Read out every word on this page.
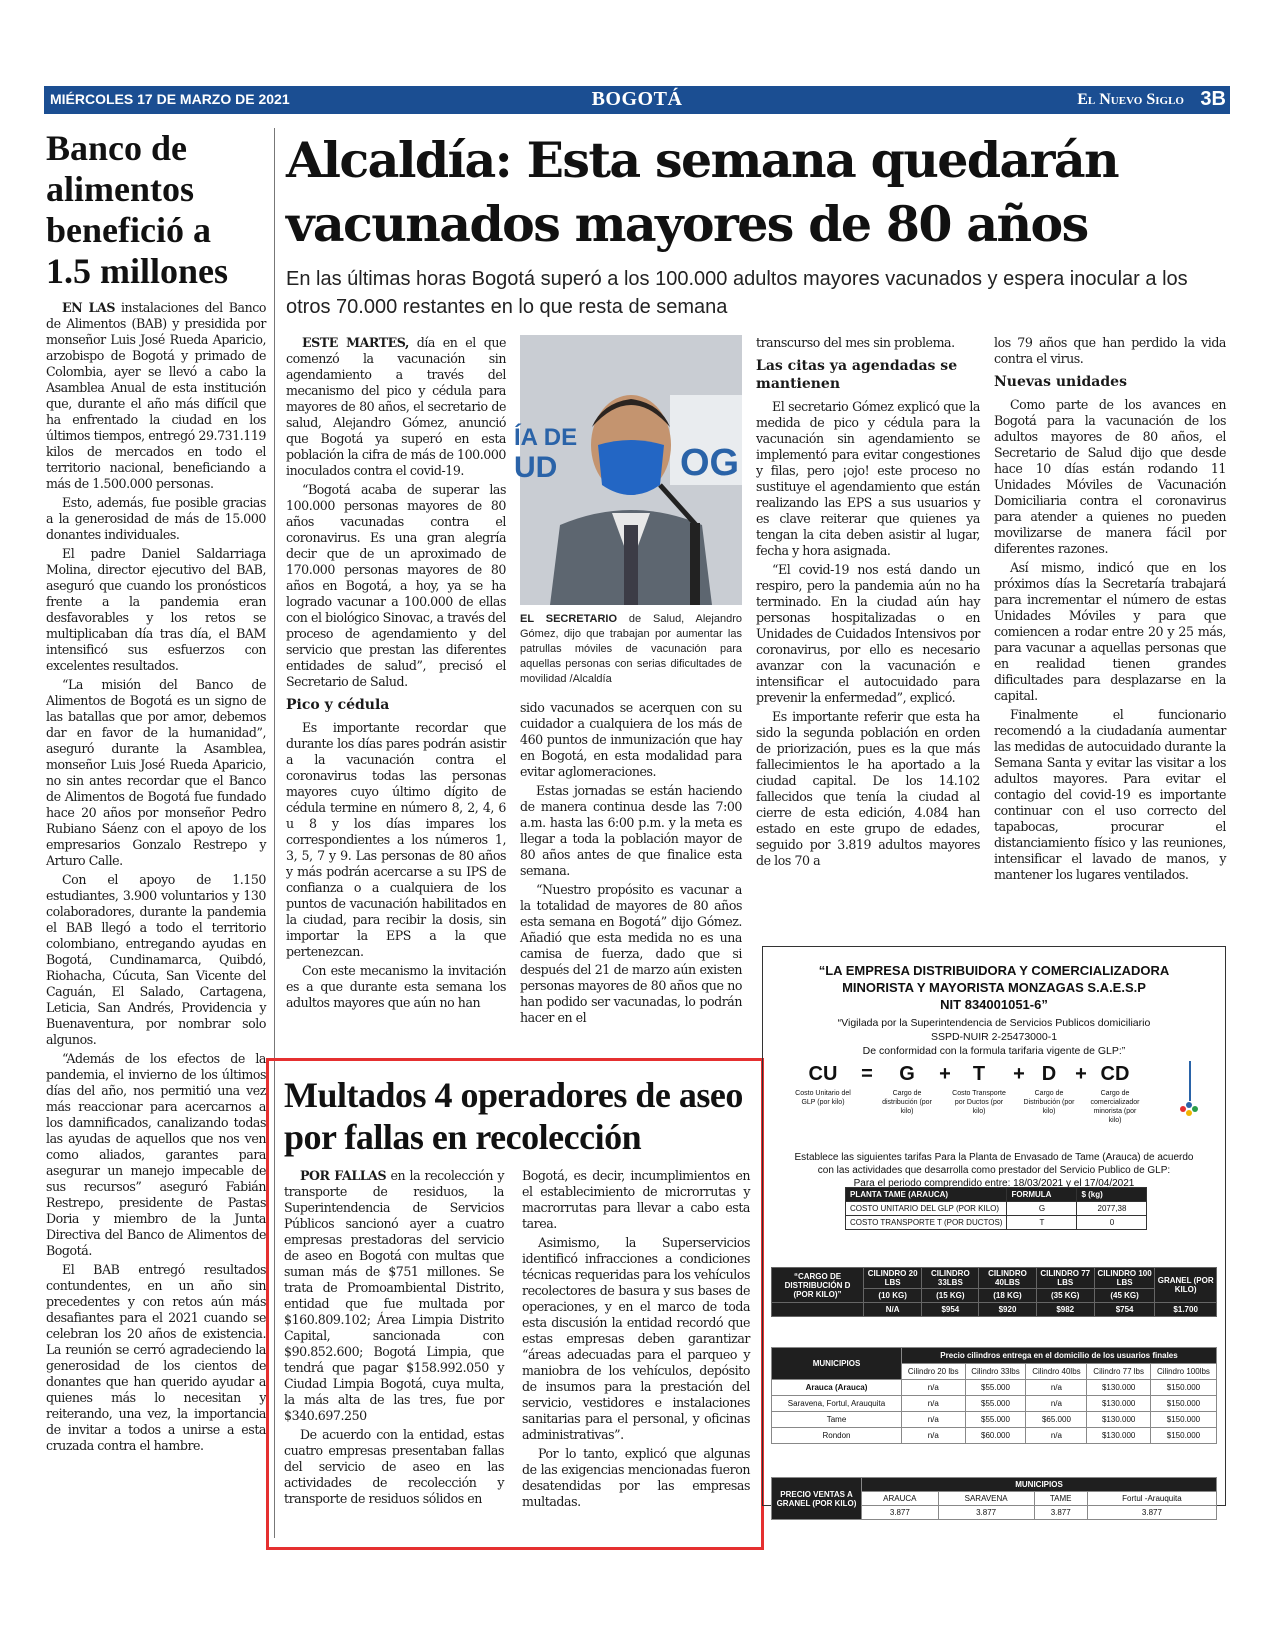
MIÉRCOLES 17 DE MARZO DE 2021	BOGOTÁ	El Nuevo Siglo 3B
Banco de alimentos benefició a 1.5 millones

EN LAS instalaciones del Banco de Alimentos (BAB) y presidida por monseñor Luis José Rueda Aparicio, arzobispo de Bogotá y primado de Colombia, ayer se llevó a cabo la Asamblea Anual de esta institución que, durante el año más difícil que ha enfrentado la ciudad en los últimos tiempos, entregó 29.731.119 kilos de mercados en todo el territorio nacional, beneficiando a más de 1.500.000 personas.

Esto, además, fue posible gracias a la generosidad de más de 15.000 donantes individuales.

El padre Daniel Saldarriaga Molina, director ejecutivo del BAB, aseguró que cuando los pronósticos frente a la pandemia eran desfavorables y los retos se multiplicaban día tras día, el BAM intensificó sus esfuerzos con excelentes resultados.

“La misión del Banco de Alimentos de Bogotá es un signo de las batallas que por amor, debemos dar en favor de la humanidad”, aseguró durante la Asamblea, monseñor Luis José Rueda Aparicio, no sin antes recordar que el Banco de Alimentos de Bogotá fue fundado hace 20 años por monseñor Pedro Rubiano Sáenz con el apoyo de los empresarios Gonzalo Restrepo y Arturo Calle.

Con el apoyo de 1.150 estudiantes, 3.900 voluntarios y 130 colaboradores, durante la pandemia el BAB llegó a todo el territorio colombiano, entregando ayudas en Bogotá, Cundinamarca, Quibdó, Riohacha, Cúcuta, San Vicente del Caguán, El Salado, Cartagena, Leticia, San Andrés, Providencia y Buenaventura, por nombrar solo algunos.

“Además de los efectos de la pandemia, el invierno de los últimos días del año, nos permitió una vez más reaccionar para acercarnos a los damnificados, canalizando todas las ayudas de aquellos que nos ven como aliados, garantes para asegurar un manejo impecable de sus recursos” aseguró Fabián Restrepo, presidente de Pastas Doria y miembro de la Junta Directiva del Banco de Alimentos de Bogotá.

El BAB entregó resultados contundentes, en un año sin precedentes y con retos aún más desafiantes para el 2021 cuando se celebran los 20 años de existencia. La reunión se cerró agradeciendo la generosidad de los cientos de donantes que han querido ayudar a quienes más lo necesitan y reiterando, una vez, la importancia de invitar a todos a unirse a esta cruzada contra el hambre.

Alcaldía: Esta semana quedarán vacunados mayores de 80 años
En las últimas horas Bogotá superó a los 100.000 adultos mayores vacunados y espera inocular a los otros 70.000 restantes en lo que resta de semana

ESTE MARTES, día en el que comenzó la vacunación sin agendamiento a través del mecanismo del pico y cédula para mayores de 80 años, el secretario de salud, Alejandro Gómez, anunció que Bogotá ya superó en esta población la cifra de más de 100.000 inoculados contra el covid-19.

“Bogotá acaba de superar las 100.000 personas mayores de 80 años vacunadas contra el coronavirus. Es una gran alegría decir que de un aproximado de 170.000 personas mayores de 80 años en Bogotá, a hoy, ya se ha logrado vacunar a 100.000 de ellas con el biológico Sinovac, a través del proceso de agendamiento y del servicio que prestan las diferentes entidades de salud”, precisó el Secretario de Salud.

Pico y cédula

Es importante recordar que durante los días pares podrán asistir a la vacunación contra el coronavirus todas las personas mayores cuyo último dígito de cédula termine en número 8, 2, 4, 6 u 8 y los días impares los correspondientes a los números 1, 3, 5, 7 y 9. Las personas de 80 años y más podrán acercarse a su IPS de confianza o a cualquiera de los puntos de vacunación habilitados en la ciudad, para recibir la dosis, sin importar la EPS a la que pertenezcan.

Con este mecanismo la invitación es a que durante esta semana los adultos mayores que aún no han

ÍA DE
UD	OG

EL SECRETARIO de Salud, Alejandro Gómez, dijo que trabajan por aumentar las patrullas móviles de vacunación para aquellas personas con serias dificultades de movilidad /Alcaldía

sido vacunados se acerquen con su cuidador a cualquiera de los más de 460 puntos de inmunización que hay en Bogotá, en esta modalidad para evitar aglomeraciones.

Estas jornadas se están haciendo de manera continua desde las 7:00 a.m. hasta las 6:00 p.m. y la meta es llegar a toda la población mayor de 80 años antes de que finalice esta semana.

“Nuestro propósito es vacunar a la totalidad de mayores de 80 años esta semana en Bogotá” dijo Gómez. Añadió que esta medida no es una camisa de fuerza, dado que si después del 21 de marzo aún existen personas mayores de 80 años que no han podido ser vacunadas, lo podrán hacer en el

transcurso del mes sin problema.

Las citas ya agendadas se mantienen

El secretario Gómez explicó que la medida de pico y cédula para la vacunación sin agendamiento se implementó para evitar congestiones y filas, pero ¡ojo! este proceso no sustituye el agendamiento que están realizando las EPS a sus usuarios y es clave reiterar que quienes ya tengan la cita deben asistir al lugar, fecha y hora asignada.

“El covid-19 nos está dando un respiro, pero la pandemia aún no ha terminado. En la ciudad aún hay personas hospitalizadas o en Unidades de Cuidados Intensivos por coronavirus, por ello es necesario avanzar con la vacunación e intensificar el autocuidado para prevenir la enfermedad”, explicó.

Es importante referir que esta ha sido la segunda población en orden de priorización, pues es la que más fallecimientos le ha aportado a la ciudad capital. De los 14.102 fallecidos que tenía la ciudad al cierre de esta edición, 4.084 han estado en este grupo de edades, seguido por 3.819 adultos mayores de los 70 a

los 79 años que han perdido la vida contra el virus.

Nuevas unidades

Como parte de los avances en Bogotá para la vacunación de los adultos mayores de 80 años, el Secretario de Salud dijo que desde hace 10 días están rodando 11 Unidades Móviles de Vacunación Domiciliaria contra el coronavirus para atender a quienes no pueden movilizarse de manera fácil por diferentes razones.

Así mismo, indicó que en los próximos días la Secretaría trabajará para incrementar el número de estas Unidades Móviles y para que comiencen a rodar entre 20 y 25 más, para vacunar a aquellas personas que en realidad tienen grandes dificultades para desplazarse en la capital.

Finalmente el funcionario recomendó a la ciudadanía aumentar las medidas de autocuidado durante la Semana Santa y evitar las visitar a los adultos mayores. Para evitar el contagio del covid-19 es importante continuar con el uso correcto del tapabocas, procurar el distanciamiento físico y las reuniones, intensificar el lavado de manos, y mantener los lugares ventilados.

Multados 4 operadores de aseo por fallas en recolección

POR FALLAS en la recolección y transporte de residuos, la Superintendencia de Servicios Públicos sancionó ayer a cuatro empresas prestadoras del servicio de aseo en Bogotá con multas que suman más de $751 millones. Se trata de Promoambiental Distrito, entidad que fue multada por $160.809.102; Área Limpia Distrito Capital, sancionada con $90.852.600; Bogotá Limpia, que tendrá que pagar $158.992.050 y Ciudad Limpia Bogotá, cuya multa, la más alta de las tres, fue por $340.697.250

De acuerdo con la entidad, estas cuatro empresas presentaban fallas del servicio de aseo en las actividades de recolección y transporte de residuos sólidos en

Bogotá, es decir, incumplimientos en el establecimiento de microrrutas y macrorrutas para llevar a cabo esta tarea.

Asimismo, la Superservicios identificó infracciones a condiciones técnicas requeridas para los vehículos recolectores de basura y sus bases de operaciones, y en el marco de toda esta discusión la entidad recordó que estas empresas deben garantizar “áreas adecuadas para el parqueo y maniobra de los vehículos, depósito de insumos para la prestación del servicio, vestidores e instalaciones sanitarias para el personal, y oficinas administrativas”.

Por lo tanto, explicó que algunas de las exigencias mencionadas fueron desatendidas por las empresas multadas.

“LA EMPRESA DISTRIBUIDORA Y COMERCIALIZADORA
MINORISTA Y MAYORISTA MONZAGAS S.A.E.S.P
NIT 834001051-6”
“Vigilada por la Superintendencia de Servicios Publicos domiciliario
SSPD-NUIR 2-25473000-1
De conformidad con la formula tarifaria vigente de GLP:”
CU	=	G	+	T	+ D + CD
Costo Unitario del GLP (por kilo)
Cargo de distribución (por kilo)
Costo Transporte por Ductos (por kilo)
Cargo de Distribución (por kilo)
Cargo de comercializador minorista (por kilo)
Establece las siguientes tarifas Para la Planta de Envasado de Tame (Arauca) de acuerdo
con las actividades que desarrolla como prestador del Servicio Publico de GLP:
Para el periodo comprendido entre: 18/03/2021 y el 17/04/2021
PLANTA TAME (ARAUCA)	FORMULA	$ (kg)
COSTO UNITARIO DEL GLP (POR KILO)	G	2077,38
COSTO TRANSPORTE T (POR DUCTOS)	T	0
“CARGO DE DISTRIBUCIÓN D (POR KILO)”	CILINDRO 20 LBS	CILINDRO 33LBS	CILINDRO 40LBS	CILINDRO 77 LBS	CILINDRO 100 LBS	GRANEL (POR KILO)
	(10 KG)	(15 KG)	(18 KG)	(35 KG)	(45 KG)	
	N/A	$954	$920	$982	$754	$1.700
MUNICIPIOS	Precio cilindros entrega en el domicilio de los usuarios finales				
	Cilindro 20 lbs	Cilindro 33lbs	Cilindro 40lbs	Cilindro 77 lbs	Cilindro 100lbs
Arauca (Arauca)	n/a	$55.000	n/a	$130.000	$150.000
Saravena, Fortul, Arauquita	n/a	$55.000	n/a	$130.000	$150.000
Tame	n/a	$55.000	$65.000	$130.000	$150.000
Rondon	n/a	$60.000	n/a	$130.000	$150.000
PRECIO VENTAS A GRANEL (POR KILO)	MUNICIPIOS			
	ARAUCA	SARAVENA	TAME	Fortul -Arauquita
	3.877	3.877	3.877	3.877
